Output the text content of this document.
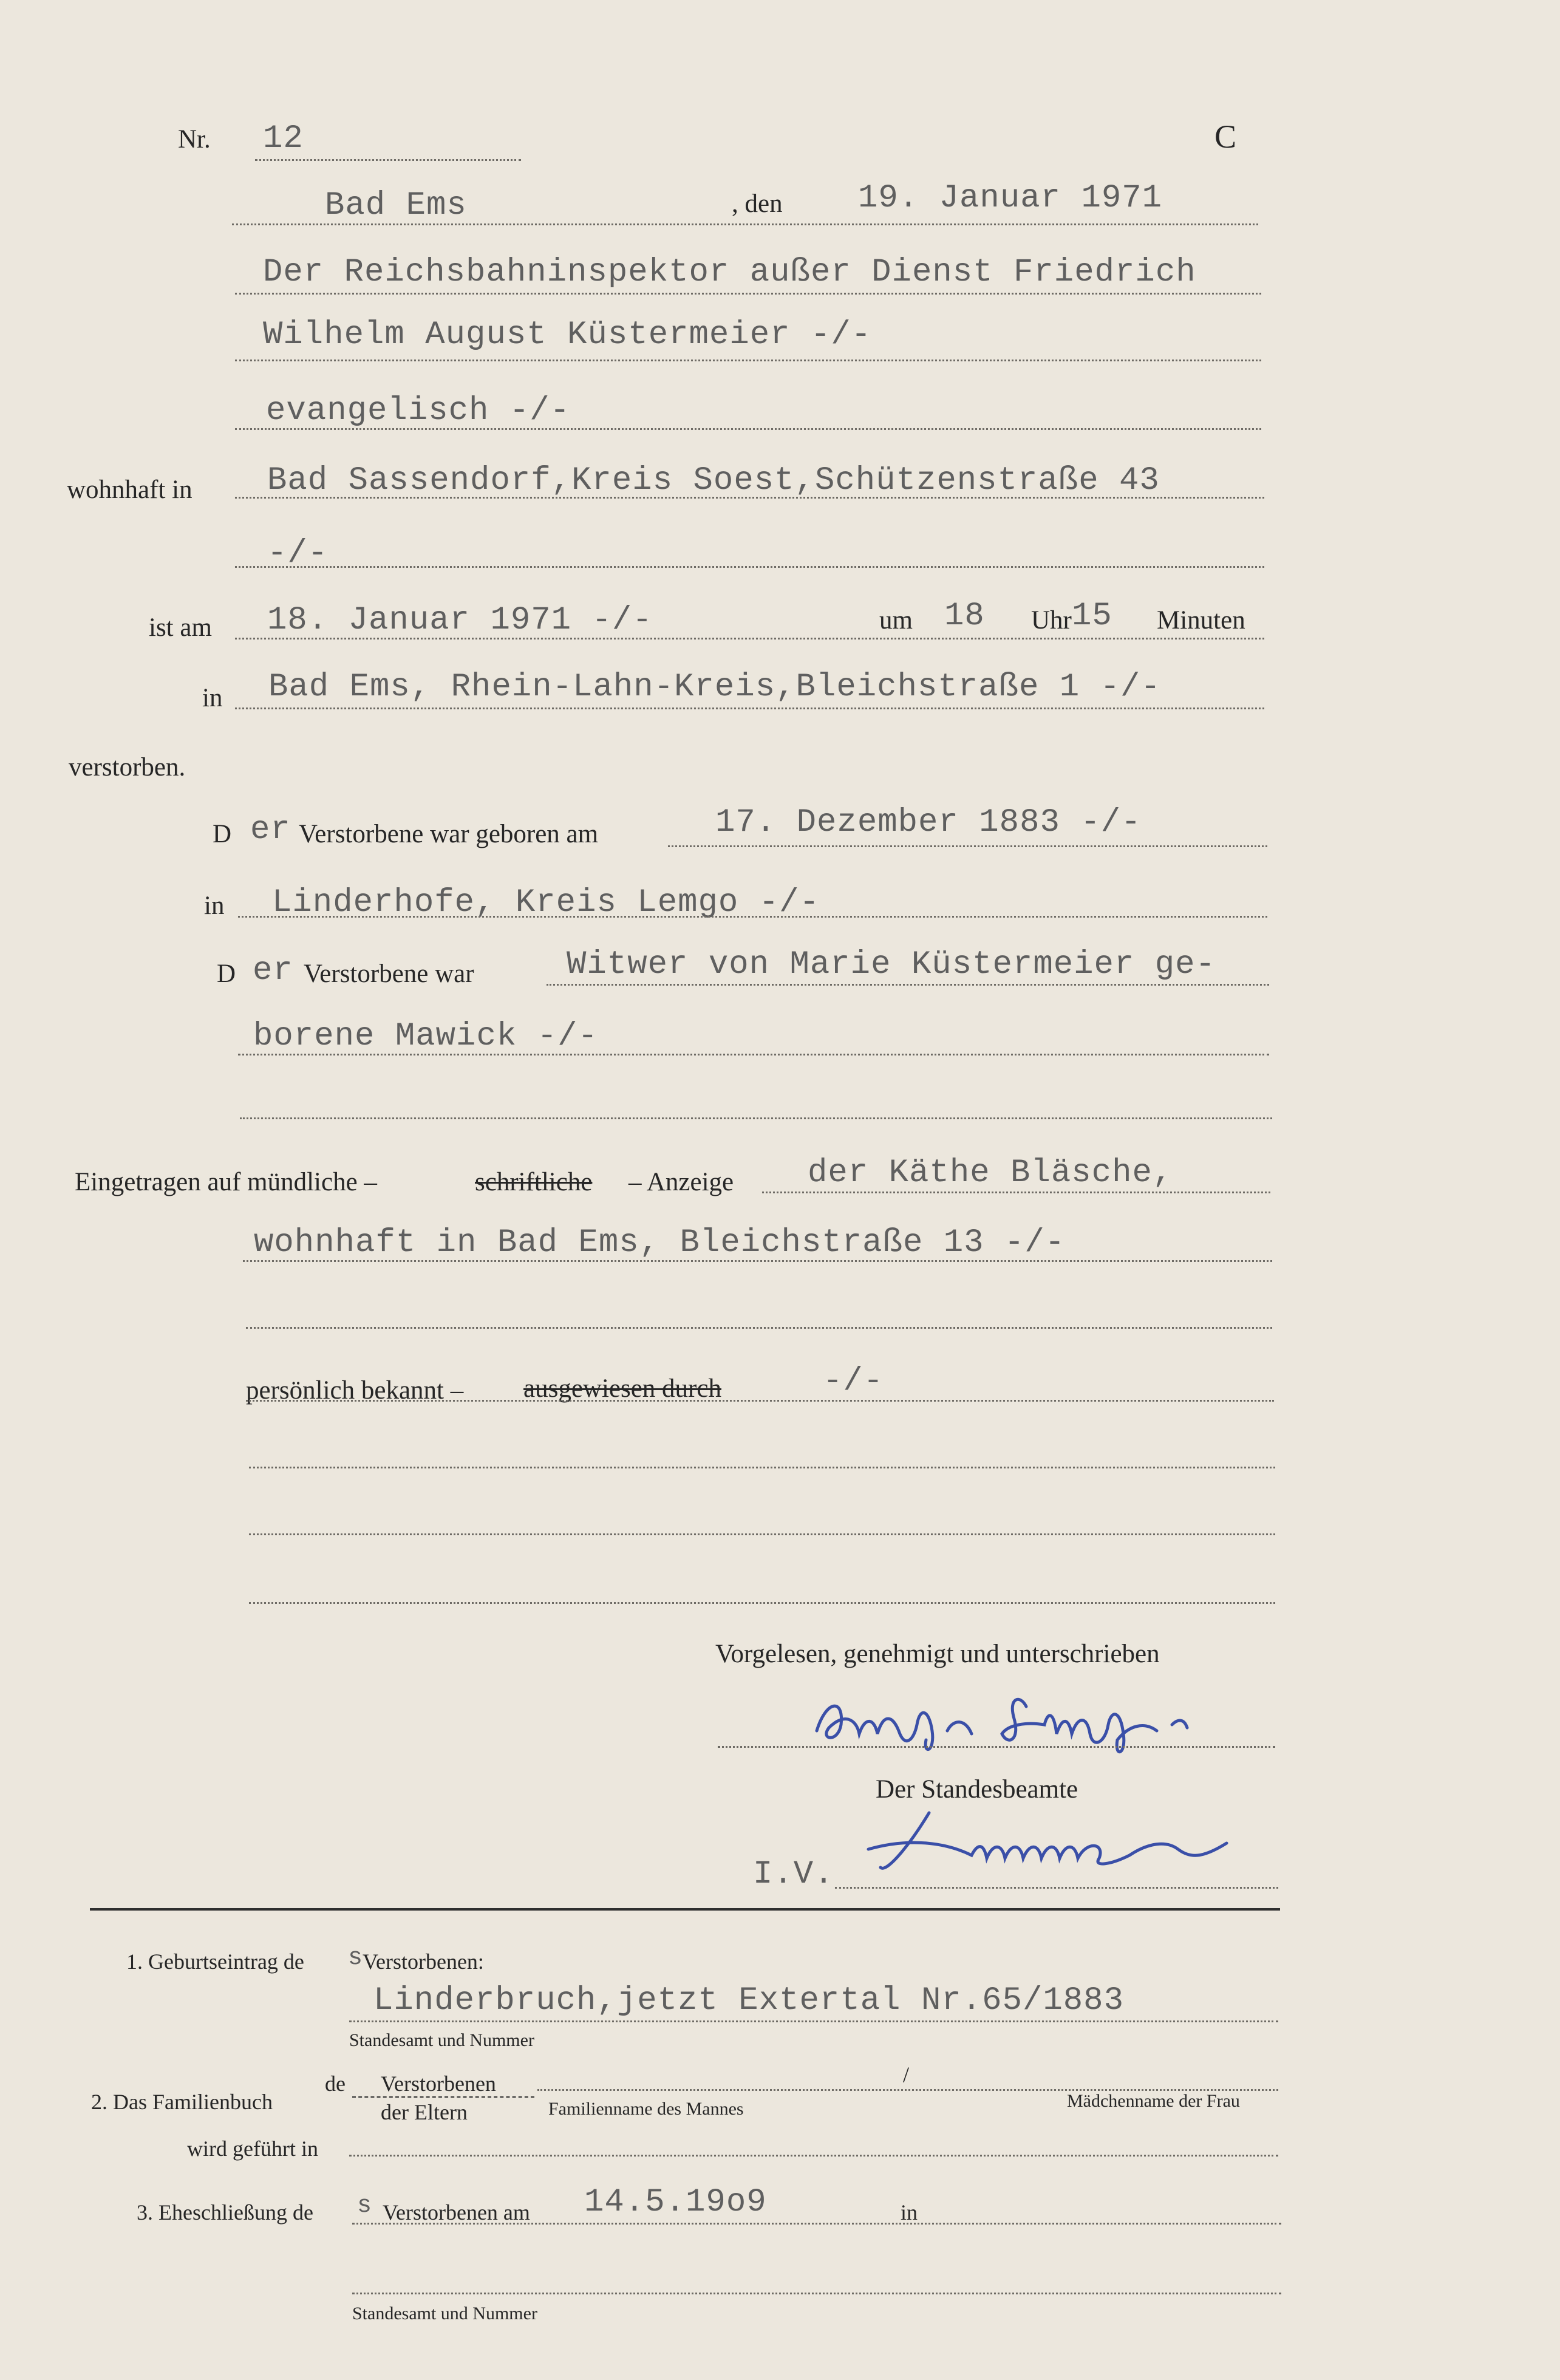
Nr. 12	C
Bad Ems	, den 19. Januar 1971
Der Reichsbahninspektor außer Dienst Friedrich
Wilhelm August Küstermeier -/-
evangelisch -/-
wohnhaft in Bad Sassendorf,Kreis Soest,Schützenstraße 43
-/-
ist am 18. Januar 1971 -/-	um 18 Uhr 15 Minuten
in Bad Ems, Rhein-Lahn-Kreis,Bleichstraße 1 -/-
verstorben.
D er Verstorbene war geboren am	17. Dezember 1883 -/-
in Linderhofe, Kreis Lemgo -/-
D er Verstorbene war	Witwer von Marie Küstermeier ge-
borene Mawick -/-
Eingetragen auf mündliche –	schriftliche – Anzeige der Käthe Bläsche,
wohnhaft in Bad Ems, Bleichstraße 13 -/-
persönlich bekannt – ausgewiesen durch	-/-
Vorgelesen, genehmigt und unterschrieben
Der Standesbeamte
I.V.
1. Geburtseintrag de s
Verstorbenen:
Linderbruch,jetzt Extertal Nr.65/1883
Standesamt und Nummer
de Verstorbenen	/
2. Das Familienbuch	der Eltern	Familienname des Mannes	Mädchenname der Frau
wird geführt in
3. Eheschließung de s Verstorbenen am 14.5.19o9	in
Standesamt und Nummer
